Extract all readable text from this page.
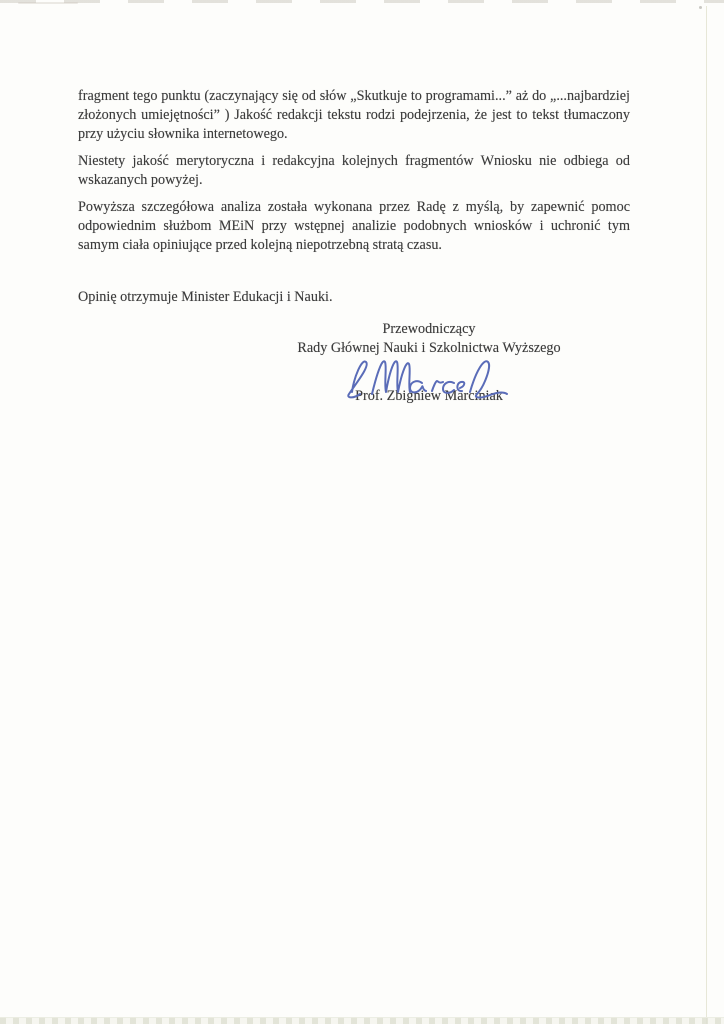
fragment tego punktu (zaczynający się od słów „Skutkuje to programami...” aż do „...najbardziej złożonych umiejętności” ) Jakość redakcji tekstu rodzi podejrzenia, że jest to tekst tłumaczony przy użyciu słownika internetowego.

Niestety jakość merytoryczna i redakcyjna kolejnych fragmentów Wniosku nie odbiega od wskazanych powyżej.

Powyższa szczegółowa analiza została wykonana przez Radę z myślą, by zapewnić pomoc odpowiednim służbom MEiN przy wstępnej analizie podobnych wniosków i uchronić tym samym ciała opiniujące przed kolejną niepotrzebną stratą czasu.

Opinię otrzymuje Minister Edukacji i Nauki.

Przewodniczący
Rady Głównej Nauki i Szkolnictwa Wyższego
Prof. Zbigniew Marciniak
